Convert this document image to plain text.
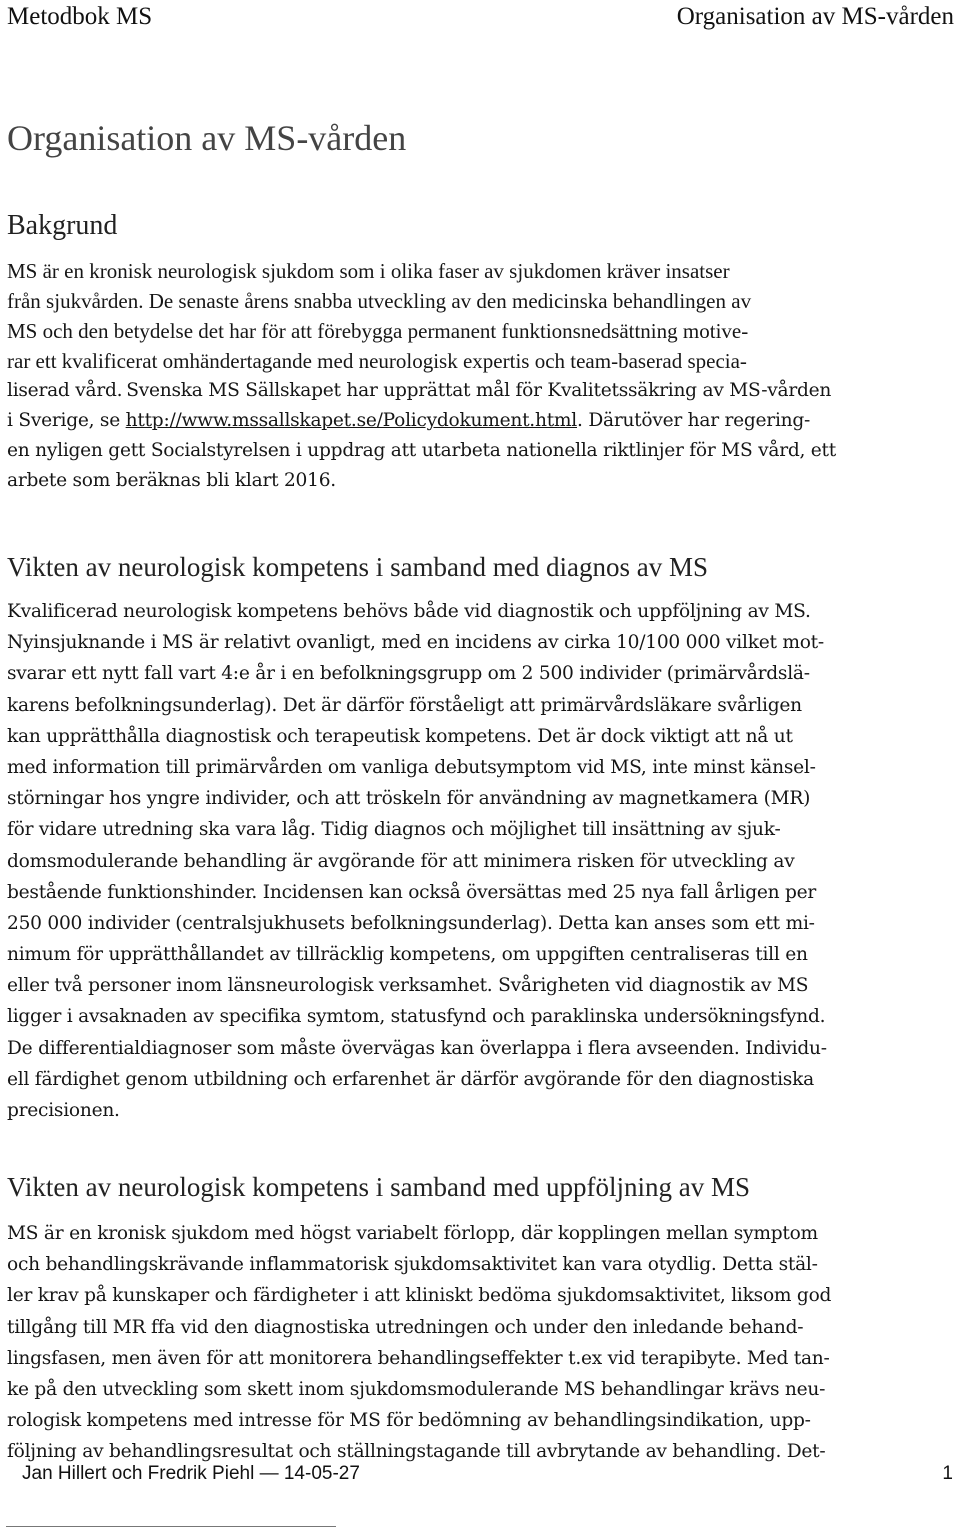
Metodbok MS	Organisation av MS-vården
Organisation av MS-vården
Bakgrund
MS är en kronisk neurologisk sjukdom som i olika faser av sjukdomen kräver insatser
från sjukvården. De senaste årens snabba utveckling av den medicinska behandlingen av
MS och den betydelse det har för att förebygga permanent funktionsnedsättning motive-
rar ett kvalificerat omhändertagande med neurologisk expertis och team-baserad specia-
liserad vård. Svenska MS Sällskapet har upprättat mål för Kvalitetssäkring av MS-vården
i Sverige, se http://www.mssallskapet.se/Policydokument.html. Därutöver har regering-
en nyligen gett Socialstyrelsen i uppdrag att utarbeta nationella riktlinjer för MS vård, ett
arbete som beräknas bli klart 2016.
Vikten av neurologisk kompetens i samband med diagnos av MS
Kvalificerad neurologisk kompetens behövs både vid diagnostik och uppföljning av MS.
Nyinsjuknande i MS är relativt ovanligt, med en incidens av cirka 10/100 000 vilket mot-
svarar ett nytt fall vart 4:e år i en befolkningsgrupp om 2 500 individer (primärvårdslä-
karens befolkningsunderlag). Det är därför förståeligt att primärvårdsläkare svårligen
kan upprätthålla diagnostisk och terapeutisk kompetens. Det är dock viktigt att nå ut
med information till primärvården om vanliga debutsymptom vid MS, inte minst känsel-
störningar hos yngre individer, och att tröskeln för användning av magnetkamera (MR)
för vidare utredning ska vara låg. Tidig diagnos och möjlighet till insättning av sjuk-
domsmodulerande behandling är avgörande för att minimera risken för utveckling av
bestående funktionshinder. Incidensen kan också översättas med 25 nya fall årligen per
250 000 individer (centralsjukhusets befolkningsunderlag). Detta kan anses som ett mi-
nimum för upprätthållandet av tillräcklig kompetens, om uppgiften centraliseras till en
eller två personer inom länsneurologisk verksamhet. Svårigheten vid diagnostik av MS
ligger i avsaknaden av specifika symtom, statusfynd och paraklinska undersökningsfynd.
De differentialdiagnoser som måste övervägas kan överlappa i flera avseenden. Individu-
ell färdighet genom utbildning och erfarenhet är därför avgörande för den diagnostiska
precisionen.
Vikten av neurologisk kompetens i samband med uppföljning av MS
MS är en kronisk sjukdom med högst variabelt förlopp, där kopplingen mellan symptom
och behandlingskrävande inflammatorisk sjukdomsaktivitet kan vara otydlig. Detta stäl-
ler krav på kunskaper och färdigheter i att kliniskt bedöma sjukdomsaktivitet, liksom god
tillgång till MR ffa vid den diagnostiska utredningen och under den inledande behand-
lingsfasen, men även för att monitorera behandlingseffekter t.ex vid terapibyte. Med tan-
ke på den utveckling som skett inom sjukdomsmodulerande MS behandlingar krävs neu-
rologisk kompetens med intresse för MS för bedömning av behandlingsindikation, upp-
följning av behandlingsresultat och ställningstagande till avbrytande av behandling. Det-
Jan Hillert och Fredrik Piehl — 14-05-27	1
